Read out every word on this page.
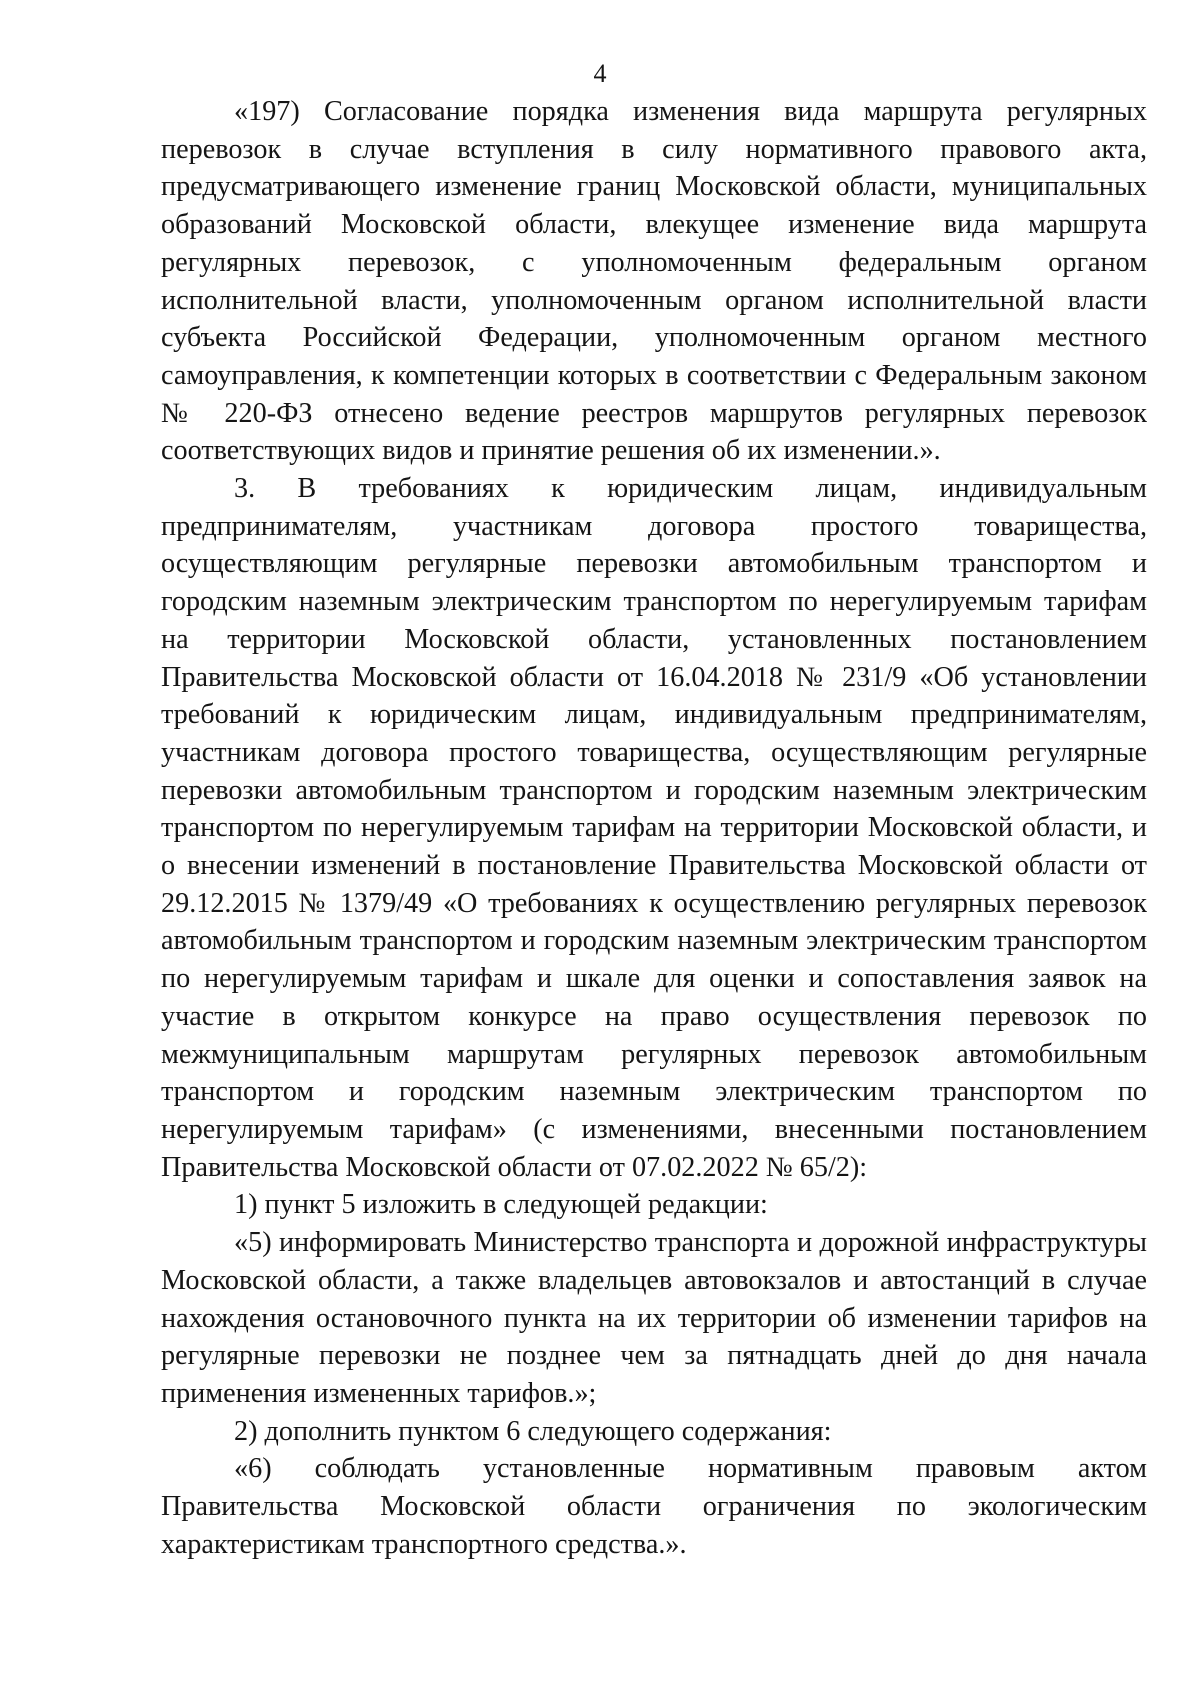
4

«197) Согласование порядка изменения вида маршрута регулярных перевозок в случае вступления в силу нормативного правового акта, предусматривающего изменение границ Московской области, муниципальных образований Московской области, влекущее изменение вида маршрута регулярных перевозок, с уполномоченным федеральным органом исполнительной власти, уполномоченным органом исполнительной власти субъекта Российской Федерации, уполномоченным органом местного самоуправления, к компетенции которых в соответствии с Федеральным законом № 220-ФЗ отнесено ведение реестров маршрутов регулярных перевозок соответствующих видов и принятие решения об их изменении.».

3. В требованиях к юридическим лицам, индивидуальным предпринимателям, участникам договора простого товарищества, осуществляющим регулярные перевозки автомобильным транспортом и городским наземным электрическим транспортом по нерегулируемым тарифам на территории Московской области, установленных постановлением Правительства Московской области от 16.04.2018 № 231/9 «Об установлении требований к юридическим лицам, индивидуальным предпринимателям, участникам договора простого товарищества, осуществляющим регулярные перевозки автомобильным транспортом и городским наземным электрическим транспортом по нерегулируемым тарифам на территории Московской области, и о внесении изменений в постановление Правительства Московской области от 29.12.2015 № 1379/49 «О требованиях к осуществлению регулярных перевозок автомобильным транспортом и городским наземным электрическим транспортом по нерегулируемым тарифам и шкале для оценки и сопоставления заявок на участие в открытом конкурсе на право осуществления перевозок по межмуниципальным маршрутам регулярных перевозок автомобильным транспортом и городским наземным электрическим транспортом по нерегулируемым тарифам» (с изменениями, внесенными постановлением Правительства Московской области от 07.02.2022 № 65/2):

1) пункт 5 изложить в следующей редакции:

«5) информировать Министерство транспорта и дорожной инфраструктуры Московской области, а также владельцев автовокзалов и автостанций в случае нахождения остановочного пункта на их территории об изменении тарифов на регулярные перевозки не позднее чем за пятнадцать дней до дня начала применения измененных тарифов.»;

2) дополнить пунктом 6 следующего содержания:

«6) соблюдать установленные нормативным правовым актом Правительства Московской области ограничения по экологическим характеристикам транспортного средства.».
